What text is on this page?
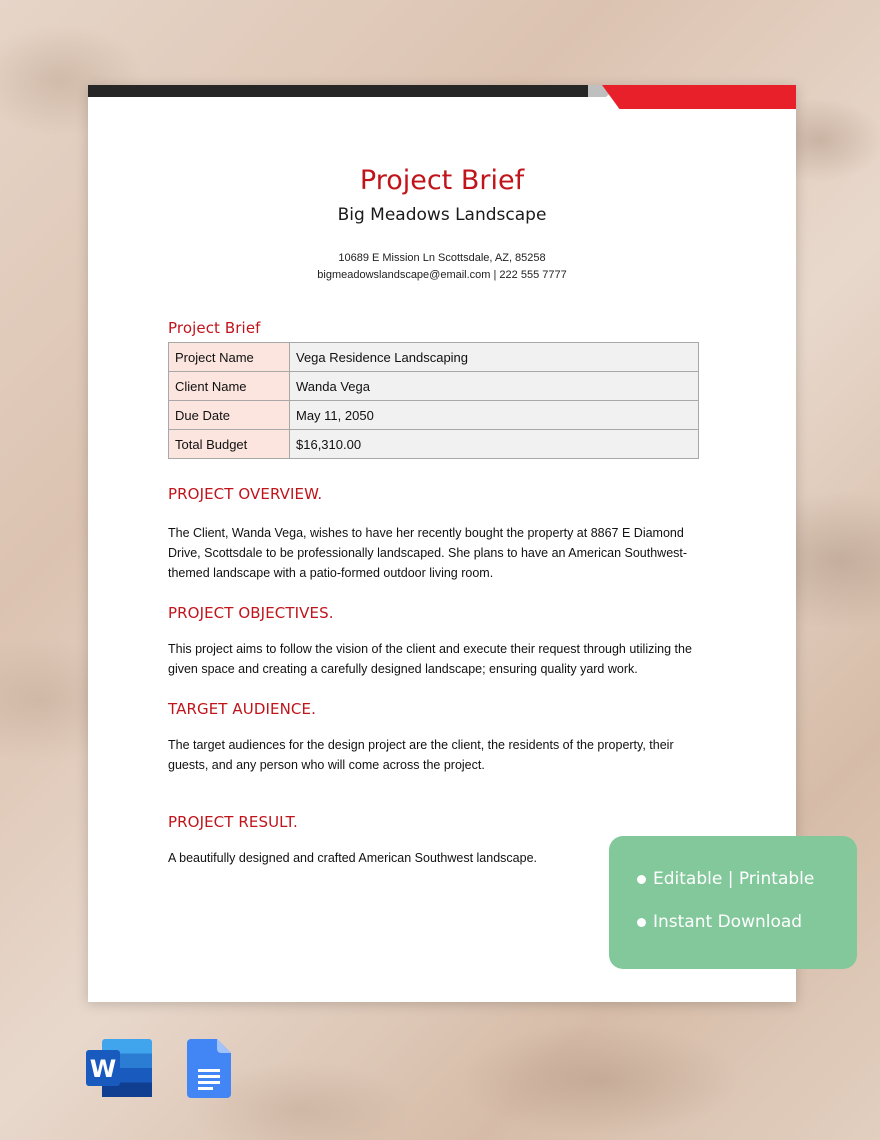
Project Brief
Big Meadows Landscape
10689 E Mission Ln Scottsdale, AZ, 85258
bigmeadowslandscape@email.com | 222 555 7777
Project Brief
Project Name	Vega Residence Landscaping
Client Name	Wanda Vega
Due Date	May 11, 2050
Total Budget	$16,310.00
PROJECT OVERVIEW.
The Client, Wanda Vega, wishes to have her recently bought the property at 8867 E Diamond Drive, Scottsdale to be professionally landscaped. She plans to have an American Southwest-themed landscape with a patio-formed outdoor living room.
PROJECT OBJECTIVES.
This project aims to follow the vision of the client and execute their request through utilizing the given space and creating a carefully designed landscape; ensuring quality yard work.
TARGET AUDIENCE.
The target audiences for the design project are the client, the residents of the property, their guests, and any person who will come across the project.
PROJECT RESULT.
A beautifully designed and crafted American Southwest landscape.
Editable | Printable
Instant Download
W
